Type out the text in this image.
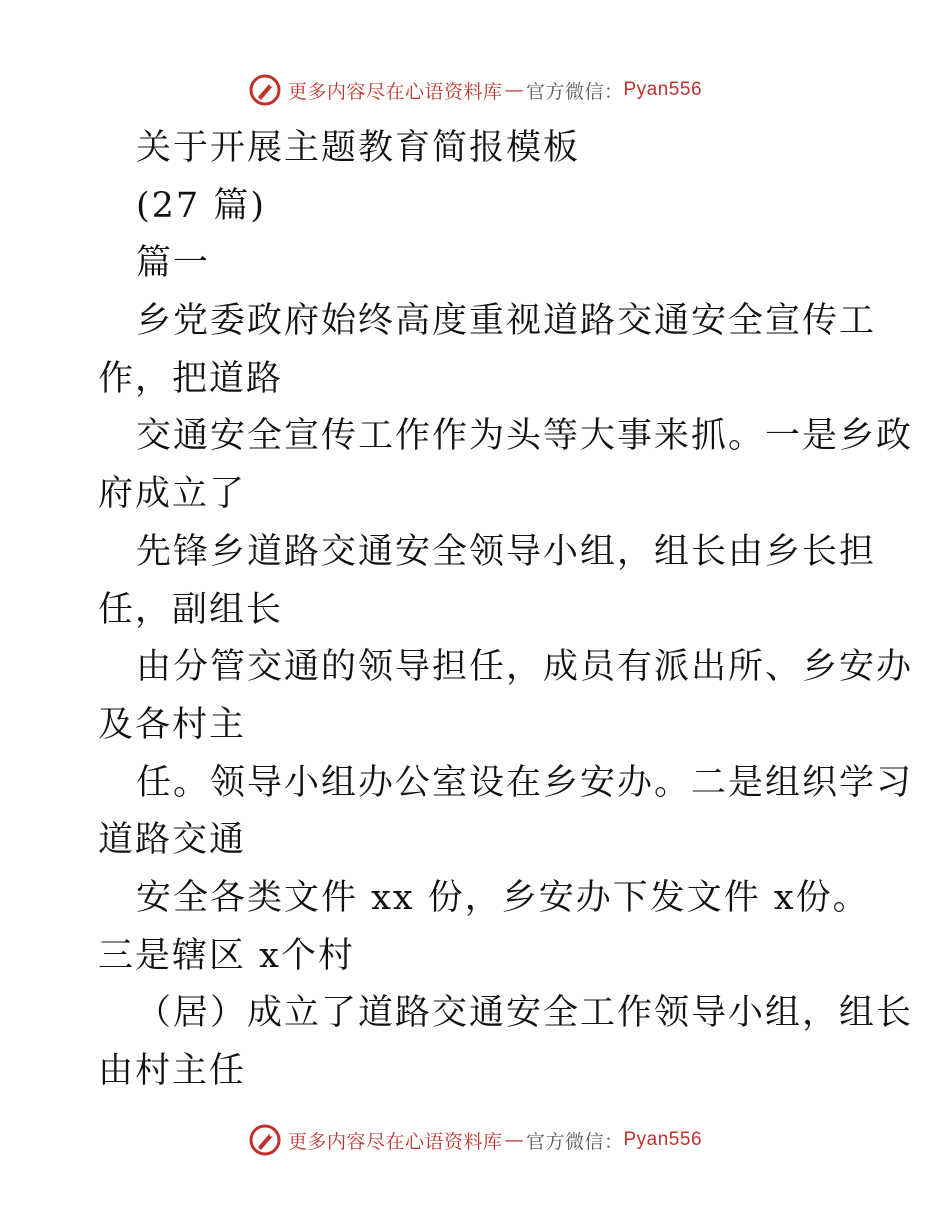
更多内容尽在心语资料库 — 官方微信： Pyan556
关于开展主题教育简报模板
(27 篇)
篇一
乡党委政府始终高度重视道路交通安全宣传工
作，把道路
交通安全宣传工作作为头等大事来抓。一是乡政
府成立了
先锋乡道路交通安全领导小组，组长由乡长担
任，副组长
由分管交通的领导担任，成员有派出所、乡安办
及各村主
任。领导小组办公室设在乡安办。二是组织学习
道路交通
安全各类文件 xx 份，乡安办下发文件 x份。
三是辖区 x个村
（居）成立了道路交通安全工作领导小组，组长
由村主任
更多内容尽在心语资料库 — 官方微信： Pyan556
